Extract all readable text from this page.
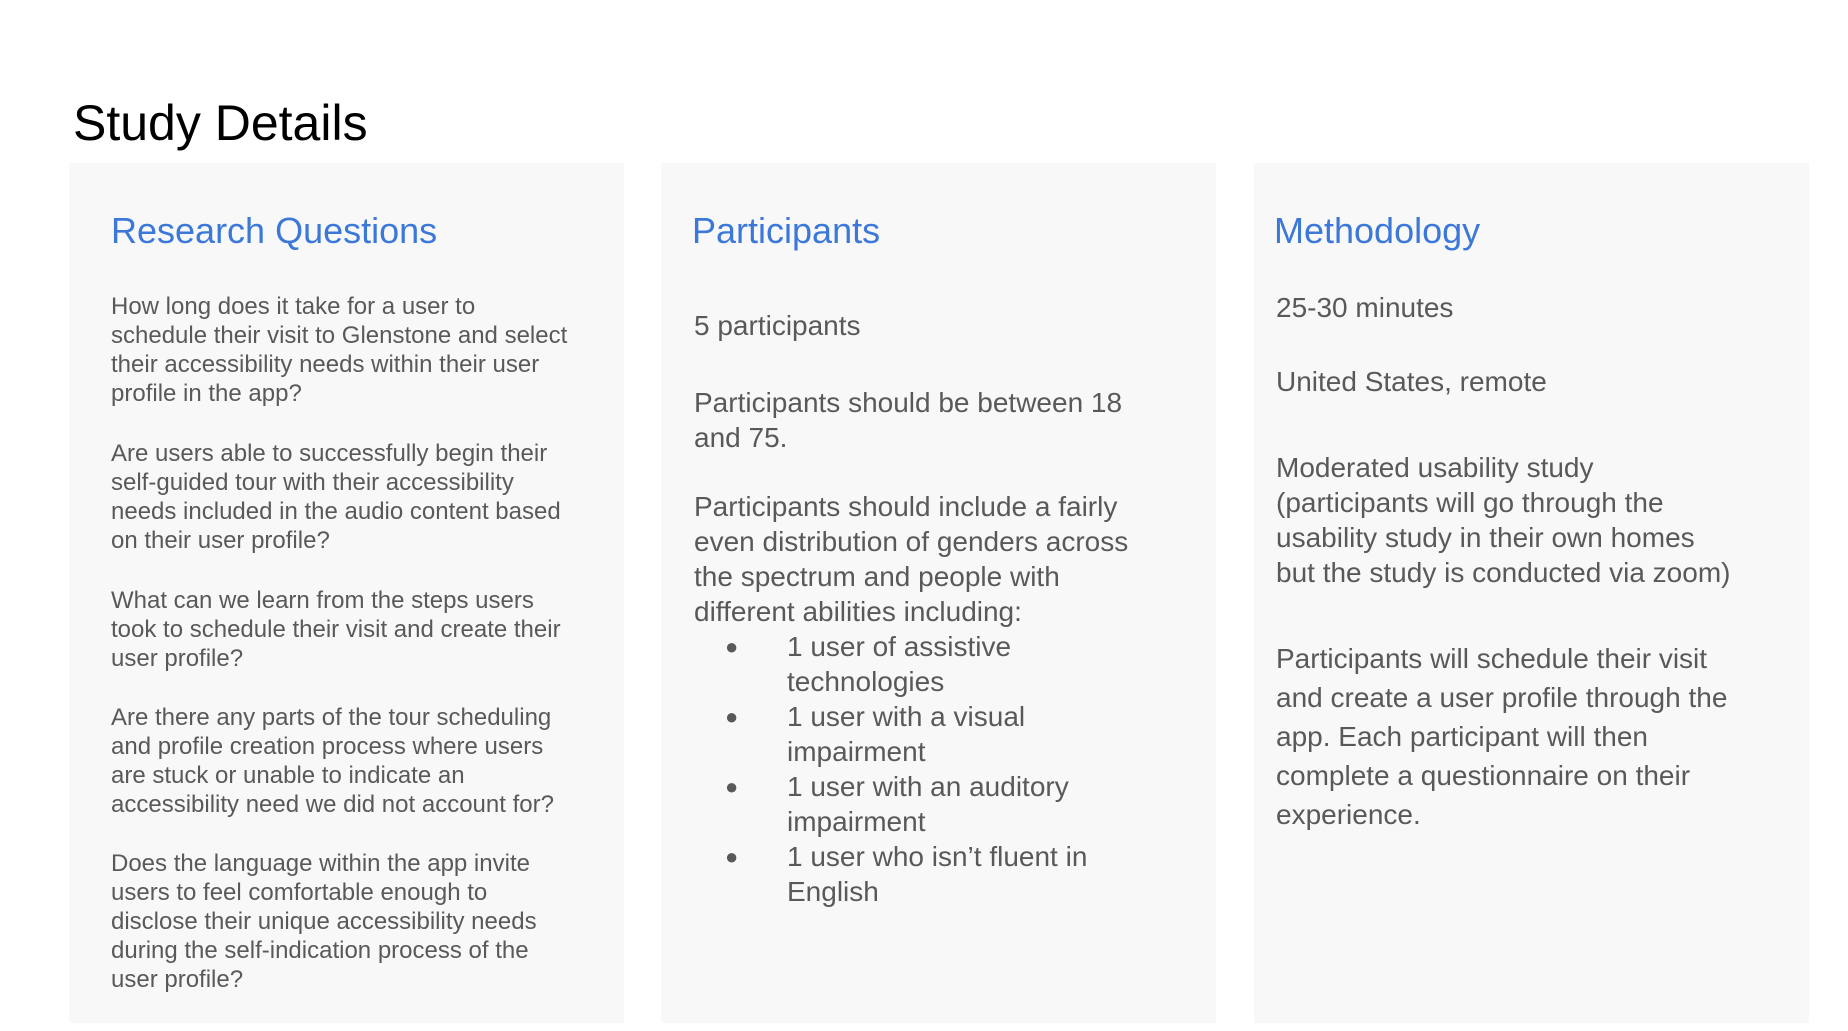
Study Details
Research Questions

How long does it take for a user to
schedule their visit to Glenstone and select
their accessibility needs within their user
profile in the app?

Are users able to successfully begin their
self-guided tour with their accessibility
needs included in the audio content based
on their user profile?

What can we learn from the steps users
took to schedule their visit and create their
user profile?

Are there any parts of the tour scheduling
and profile creation process where users
are stuck or unable to indicate an
accessibility need we did not account for?

Does the language within the app invite
users to feel comfortable enough to
disclose their unique accessibility needs
during the self-indication process of the
user profile?

Participants

5 participants

Participants should be between 18
and 75.

Participants should include a fairly
even distribution of genders across
the spectrum and people with
different abilities including:

● 1 user of assistive
technologies
● 1 user with a visual
impairment
● 1 user with an auditory
impairment
● 1 user who isn’t fluent in
English
Methodology

25-30 minutes

United States, remote

Moderated usability study
(participants will go through the
usability study in their own homes
but the study is conducted via zoom)

Participants will schedule their visit
and create a user profile through the
app. Each participant will then
complete a questionnaire on their
experience.
